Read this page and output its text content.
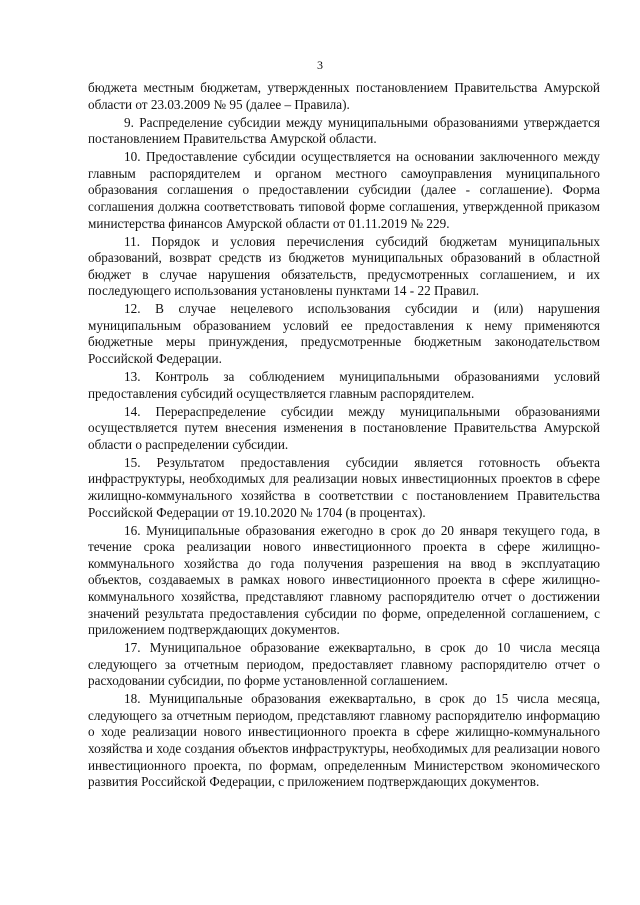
3

бюджета местным бюджетам, утвержденных постановлением Правительства Амурской области от 23.03.2009 № 95 (далее – Правила).

9. Распределение субсидии между муниципальными образованиями утверждается постановлением Правительства Амурской области.

10. Предоставление субсидии осуществляется на основании заключенного между главным распорядителем и органом местного самоуправления муниципального образования соглашения о предоставлении субсидии (далее - соглашение). Форма соглашения должна соответствовать типовой форме соглашения, утвержденной приказом министерства финансов Амурской области от 01.11.2019 № 229.

11. Порядок и условия перечисления субсидий бюджетам муниципальных образований, возврат средств из бюджетов муниципальных образований в областной бюджет в случае нарушения обязательств, предусмотренных соглашением, и их последующего использования установлены пунктами 14 - 22 Правил.

12. В случае нецелевого использования субсидии и (или) нарушения муниципальным образованием условий ее предоставления к нему применяются бюджетные меры принуждения, предусмотренные бюджетным законодательством Российской Федерации.

13. Контроль за соблюдением муниципальными образованиями условий предоставления субсидий осуществляется главным распорядителем.

14. Перераспределение субсидии между муниципальными образованиями осуществляется путем внесения изменения в постановление Правительства Амурской области о распределении субсидии.

15. Результатом предоставления субсидии является готовность объекта инфраструктуры, необходимых для реализации новых инвестиционных проектов в сфере жилищно-коммунального хозяйства в соответствии с постановлением Правительства Российской Федерации от 19.10.2020 № 1704 (в процентах).

16. Муниципальные образования ежегодно в срок до 20 января текущего года, в течение срока реализации нового инвестиционного проекта в сфере жилищно-коммунального хозяйства до года получения разрешения на ввод в эксплуатацию объектов, создаваемых в рамках нового инвестиционного проекта в сфере жилищно-коммунального хозяйства, представляют главному распорядителю отчет о достижении значений результата предоставления субсидии по форме, определенной соглашением, с приложением подтверждающих документов.

17. Муниципальное образование ежеквартально, в срок до 10 числа месяца следующего за отчетным периодом, предоставляет главному распорядителю отчет о расходовании субсидии, по форме установленной соглашением.

18. Муниципальные образования ежеквартально, в срок до 15 числа месяца, следующего за отчетным периодом, представляют главному распорядителю информацию о ходе реализации нового инвестиционного проекта в сфере жилищно-коммунального хозяйства и ходе создания объектов инфраструктуры, необходимых для реализации нового инвестиционного проекта, по формам, определенным Министерством экономического развития Российской Федерации, с приложением подтверждающих документов.
